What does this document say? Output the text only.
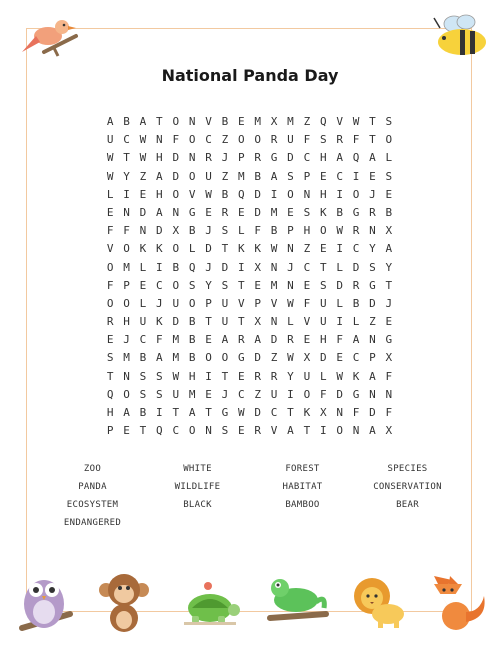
National Panda Day
A B A T O N V B E M X M Z Q V W T S
U C W N F O C Z O O R U F S R F T O
W T W H D N R J P R G D C H A Q A L
W Y Z A D O U Z M B A S P E C I E S
L I E H O V W B Q D I O N H I O J E
E N D A N G E R E D M E S K B G R B
F F N D X B J S L F B P H O W R N X
V O K K O L D T K K W N Z E I C Y A
O M L I B Q J D I X N J C T L D S Y
F P E C O S Y S T E M N E S D R G T
O O L J U O P U V P V W F U L B D J
R H U K D B T U T X N L V U I L Z E
E J C F M B E A R A D R E H F A N G
S M B A M B O O G D Z W X D E C P X
T N S S W H I T E R R Y U L W K A F
Q O S S U M E J C Z U I O F D G N N
H A B I T A T G W D C T K X N F D F
P E T Q C O N S E R V A T I O N A X
ZOO	WHITE	FOREST	SPECIES
PANDA	WILDLIFE	HABITAT	CONSERVATION
ECOSYSTEM	BLACK	BAMBOO	BEAR
ENDANGERED
